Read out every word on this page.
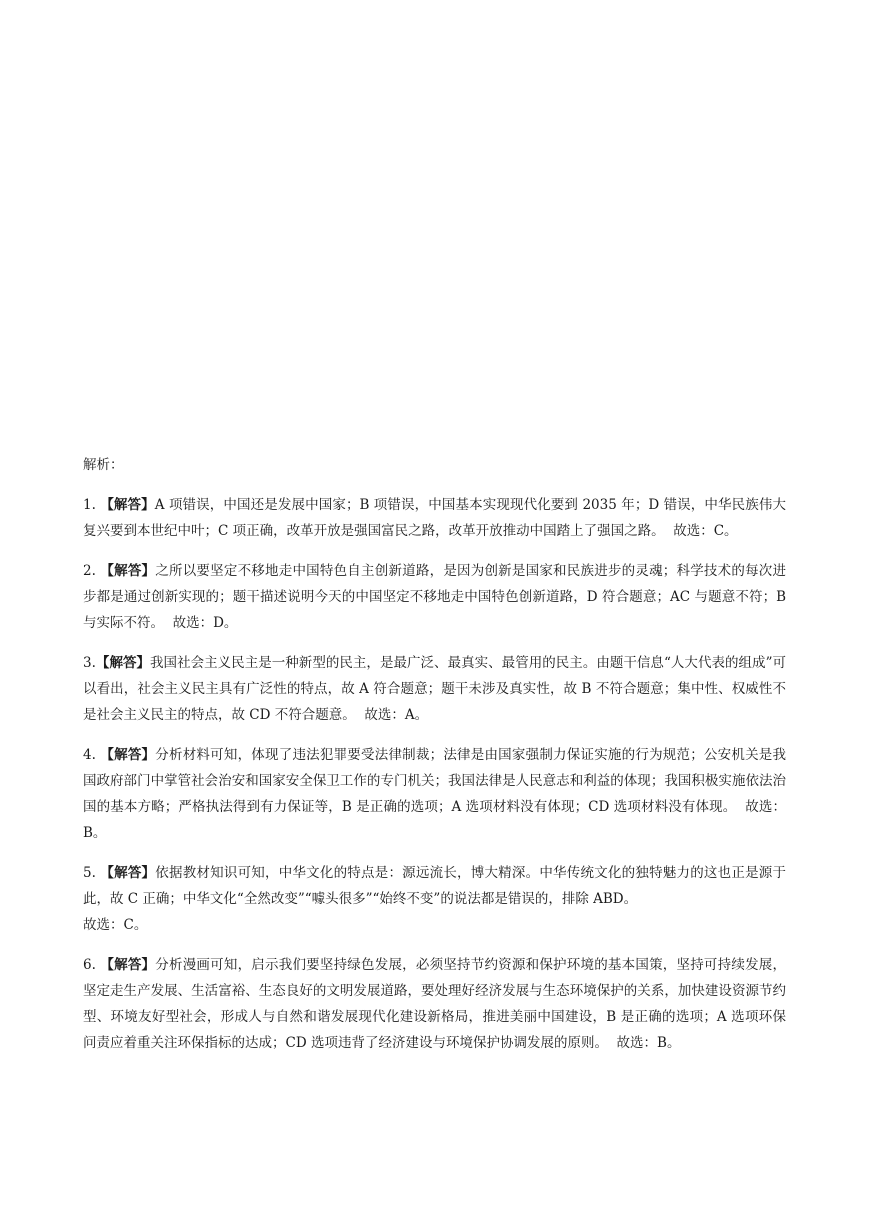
解析：

1. 【解答】A 项错误，中国还是发展中国家；B 项错误，中国基本实现现代化要到 2035 年；D 错误，中华民族伟大复兴要到本世纪中叶；C 项正确，改革开放是强国富民之路，改革开放推动中国踏上了强国之路。 故选：C。

2. 【解答】之所以要坚定不移地走中国特色自主创新道路，是因为创新是国家和民族进步的灵魂；科学技术的每次进步都是通过创新实现的；题干描述说明今天的中国坚定不移地走中国特色创新道路，D 符合题意；AC 与题意不符；B 与实际不符。 故选：D。

3.【解答】我国社会主义民主是一种新型的民主，是最广泛、最真实、最管用的民主。由题干信息“人大代表的组成”可以看出，社会主义民主具有广泛性的特点，故 A 符合题意；题干未涉及真实性，故 B 不符合题意；集中性、权威性不是社会主义民主的特点，故 CD 不符合题意。 故选：A。

4. 【解答】分析材料可知，体现了违法犯罪要受法律制裁；法律是由国家强制力保证实施的行为规范；公安机关是我国政府部门中掌管社会治安和国家安全保卫工作的专门机关；我国法律是人民意志和利益的体现；我国积极实施依法治国的基本方略；严格执法得到有力保证等，B 是正确的选项；A 选项材料没有体现；CD 选项材料没有体现。 故选：B。

5. 【解答】依据教材知识可知，中华文化的特点是：源远流长，博大精深。中华传统文化的独特魅力的这也正是源于此，故 C 正确；中华文化“全然改变”“噱头很多”“始终不变”的说法都是错误的，排除 ABD。
故选：C。

6. 【解答】分析漫画可知，启示我们要坚持绿色发展，必须坚持节约资源和保护环境的基本国策，坚持可持续发展，坚定走生产发展、生活富裕、生态良好的文明发展道路，要处理好经济发展与生态环境保护的关系，加快建设资源节约型、环境友好型社会，形成人与自然和谐发展现代化建设新格局，推进美丽中国建设，B 是正确的选项；A 选项环保问责应着重关注环保指标的达成；CD 选项违背了经济建设与环境保护协调发展的原则。 故选：B。
